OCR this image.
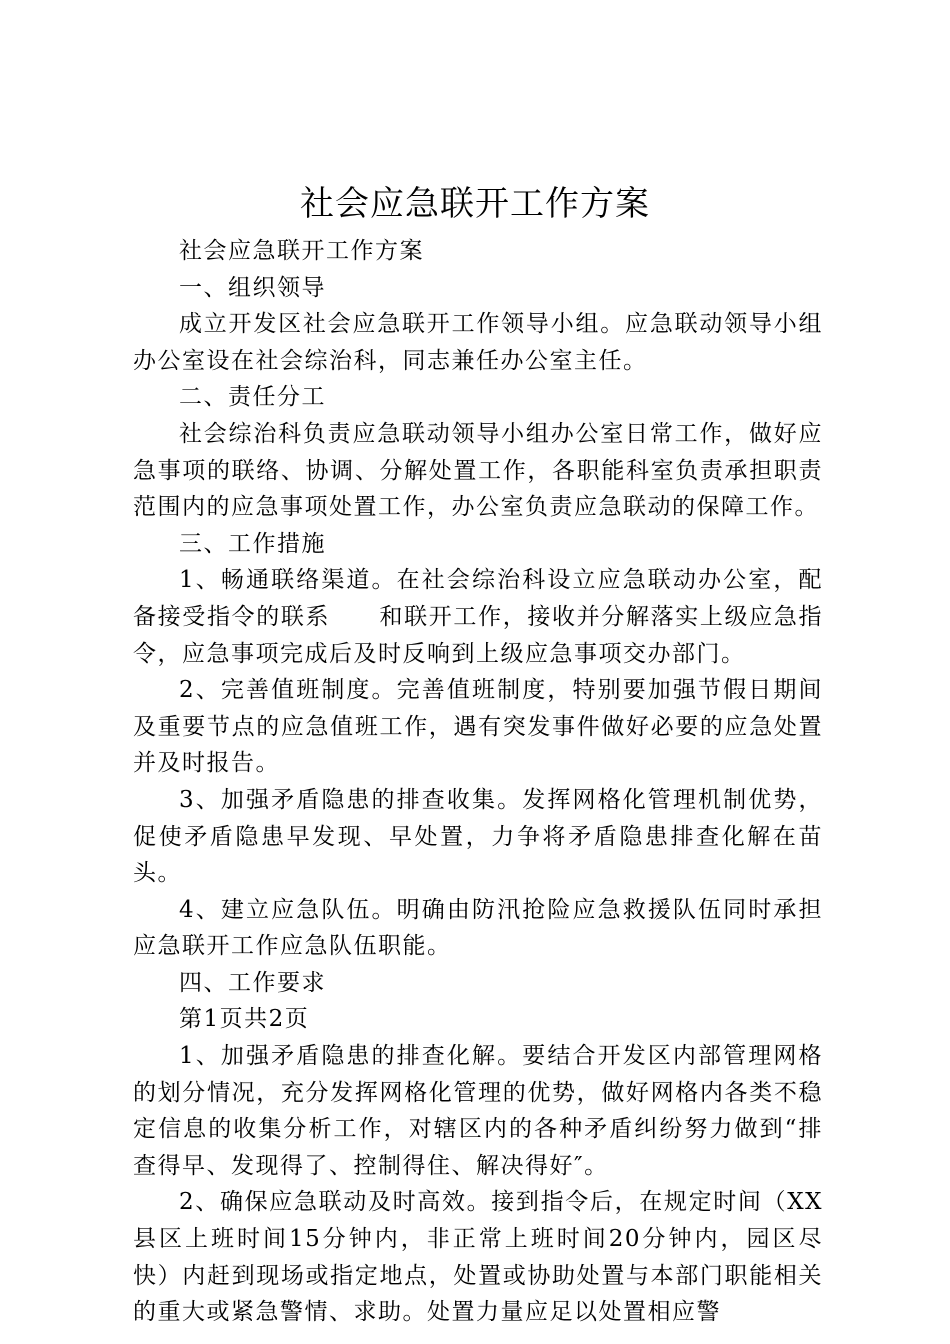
社会应急联开工作方案

社会应急联开工作方案

一、组织领导

成立开发区社会应急联开工作领导小组。应急联动领导小组办公室设在社会综治科，同志兼任办公室主任。

二、责任分工

社会综治科负责应急联动领导小组办公室日常工作，做好应急事项的联络、协调、分解处置工作，各职能科室负责承担职责范围内的应急事项处置工作，办公室负责应急联动的保障工作。

三、工作措施

1、畅通联络渠道。在社会综治科设立应急联动办公室，配备接受指令的联系　　和联开工作，接收并分解落实上级应急指令，应急事项完成后及时反响到上级应急事项交办部门。

2、完善值班制度。完善值班制度，特别要加强节假日期间及重要节点的应急值班工作，遇有突发事件做好必要的应急处置并及时报告。

3、加强矛盾隐患的排查收集。发挥网格化管理机制优势，促使矛盾隐患早发现、早处置，力争将矛盾隐患排查化解在苗头。

4、建立应急队伍。明确由防汛抢险应急救援队伍同时承担应急联开工作应急队伍职能。

四、工作要求

第1页共2页

1、加强矛盾隐患的排查化解。要结合开发区内部管理网格的划分情况，充分发挥网格化管理的优势，做好网格内各类不稳定信息的收集分析工作，对辖区内的各种矛盾纠纷努力做到“排查得早、发现得了、控制得住、解决得好″。

2、确保应急联动及时高效。接到指令后，在规定时间（XX县区上班时间15分钟内，非正常上班时间20分钟内，园区尽快）内赶到现场或指定地点，处置或协助处置与本部门职能相关的重大或紧急警情、求助。处置力量应足以处置相应警
